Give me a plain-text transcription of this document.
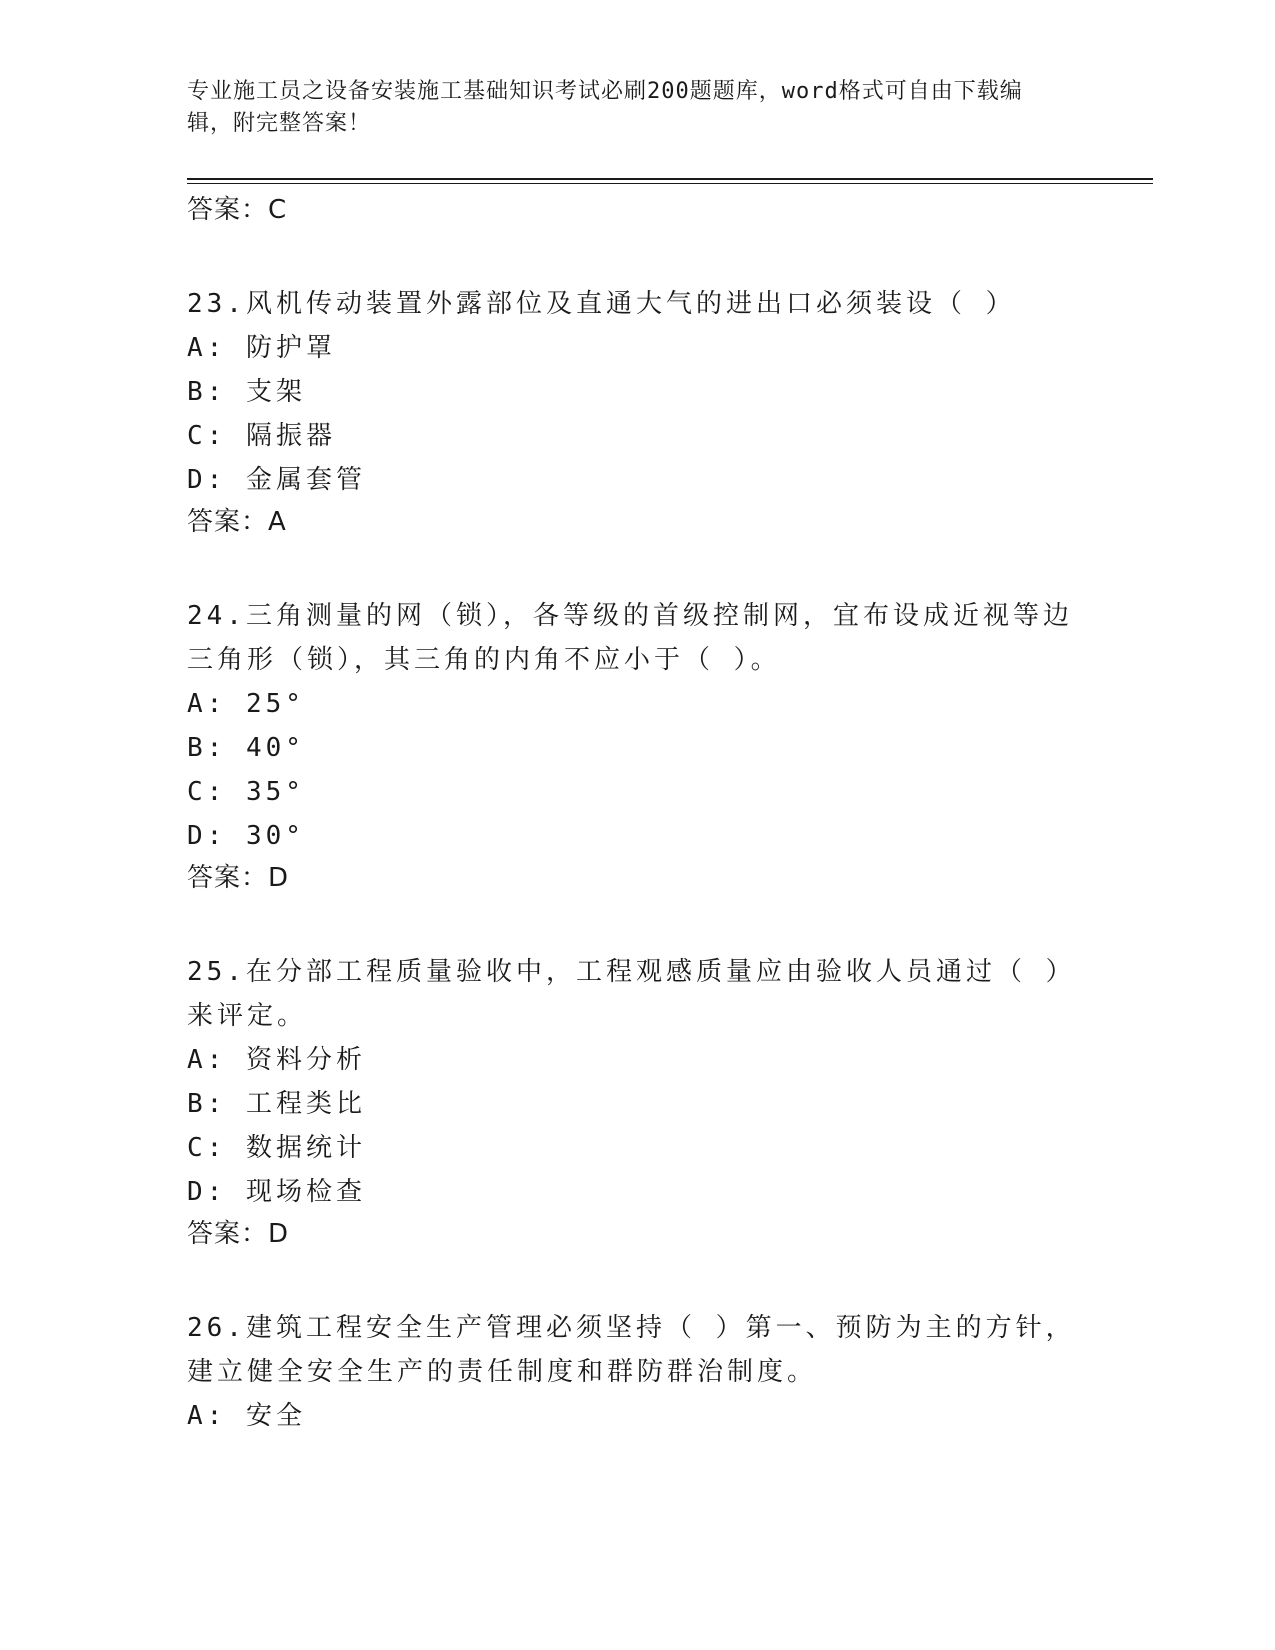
专业施工员之设备安装施工基础知识考试必刷200题题库，word格式可自由下载编辑，附完整答案！

答案：C

23.风机传动装置外露部位及直通大气的进出口必须装设（ ）

A: 防护罩

B: 支架

C: 隔振器

D: 金属套管

答案：A

24.三角测量的网（锁），各等级的首级控制网，宜布设成近视等边三角形（锁），其三角的内角不应小于（ ）。

A: 25°

B: 40°

C: 35°

D: 30°

答案：D

25.在分部工程质量验收中，工程观感质量应由验收人员通过（ ）来评定。

A: 资料分析

B: 工程类比

C: 数据统计

D: 现场检查

答案：D

26.建筑工程安全生产管理必须坚持（ ）第一、预防为主的方针，建立健全安全生产的责任制度和群防群治制度。

A: 安全
